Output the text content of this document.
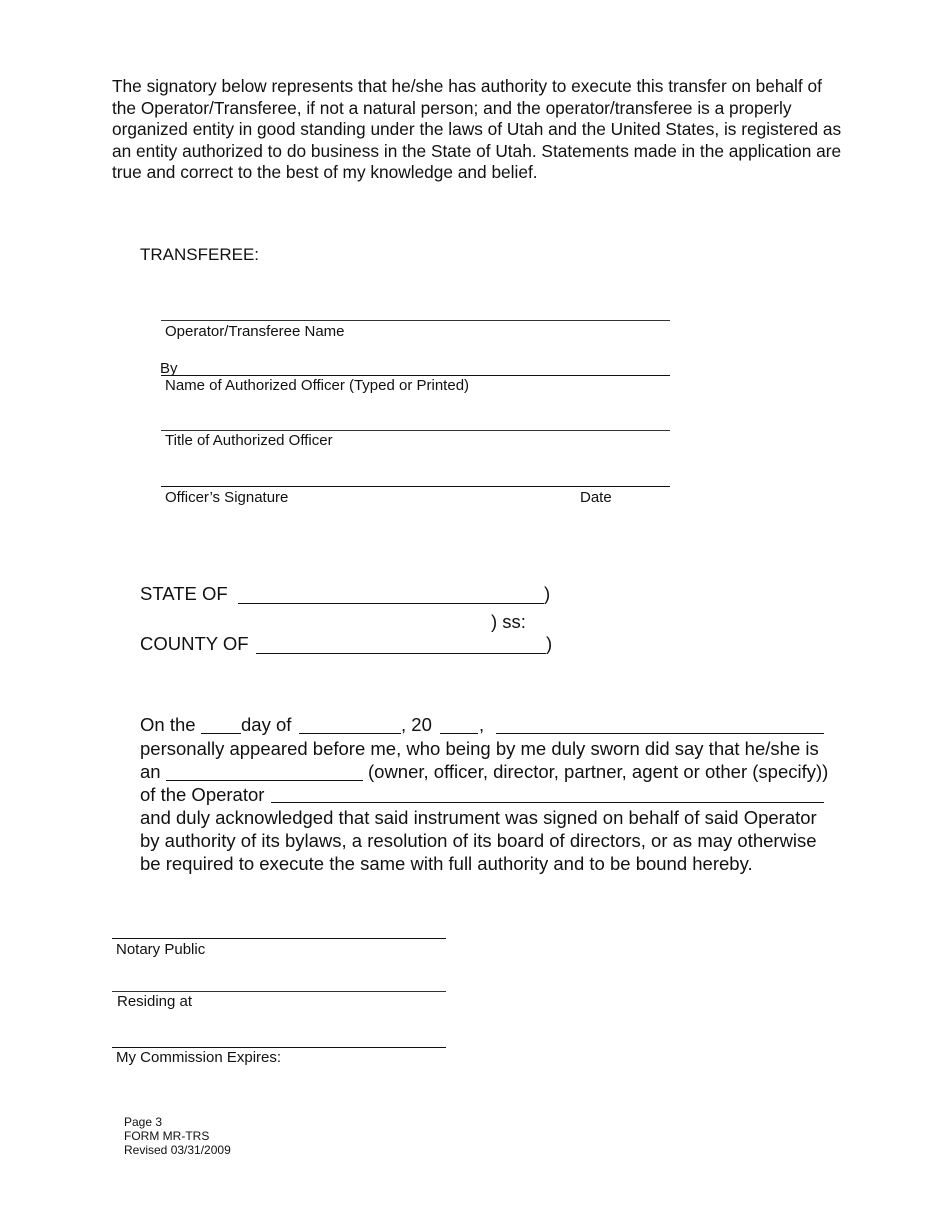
The signatory below represents that he/she has authority to execute this transfer on behalf of the Operator/Transferee, if not a natural person; and the operator/transferee is a properly organized entity in good standing under the laws of Utah and the United States, is registered as an entity authorized to do business in the State of Utah. Statements made in the application are true and correct to the best of my knowledge and belief.
TRANSFEREE:
Operator/Transferee Name
By
Name of Authorized Officer (Typed or Printed)
Title of Authorized Officer
Officer’s Signature	Date
STATE OF	)
) ss:
COUNTY OF	)
On the day of	, 20	,
personally appeared before me, who being by me duly sworn did say that he/she is
an	(owner, officer, director, partner, agent or other (specify))
of the Operator
and duly acknowledged that said instrument was signed on behalf of said Operator
by authority of its bylaws, a resolution of its board of directors, or as may otherwise
be required to execute the same with full authority and to be bound hereby.
Notary Public
Residing at
My Commission Expires:
Page 3
FORM MR-TRS
Revised 03/31/2009
